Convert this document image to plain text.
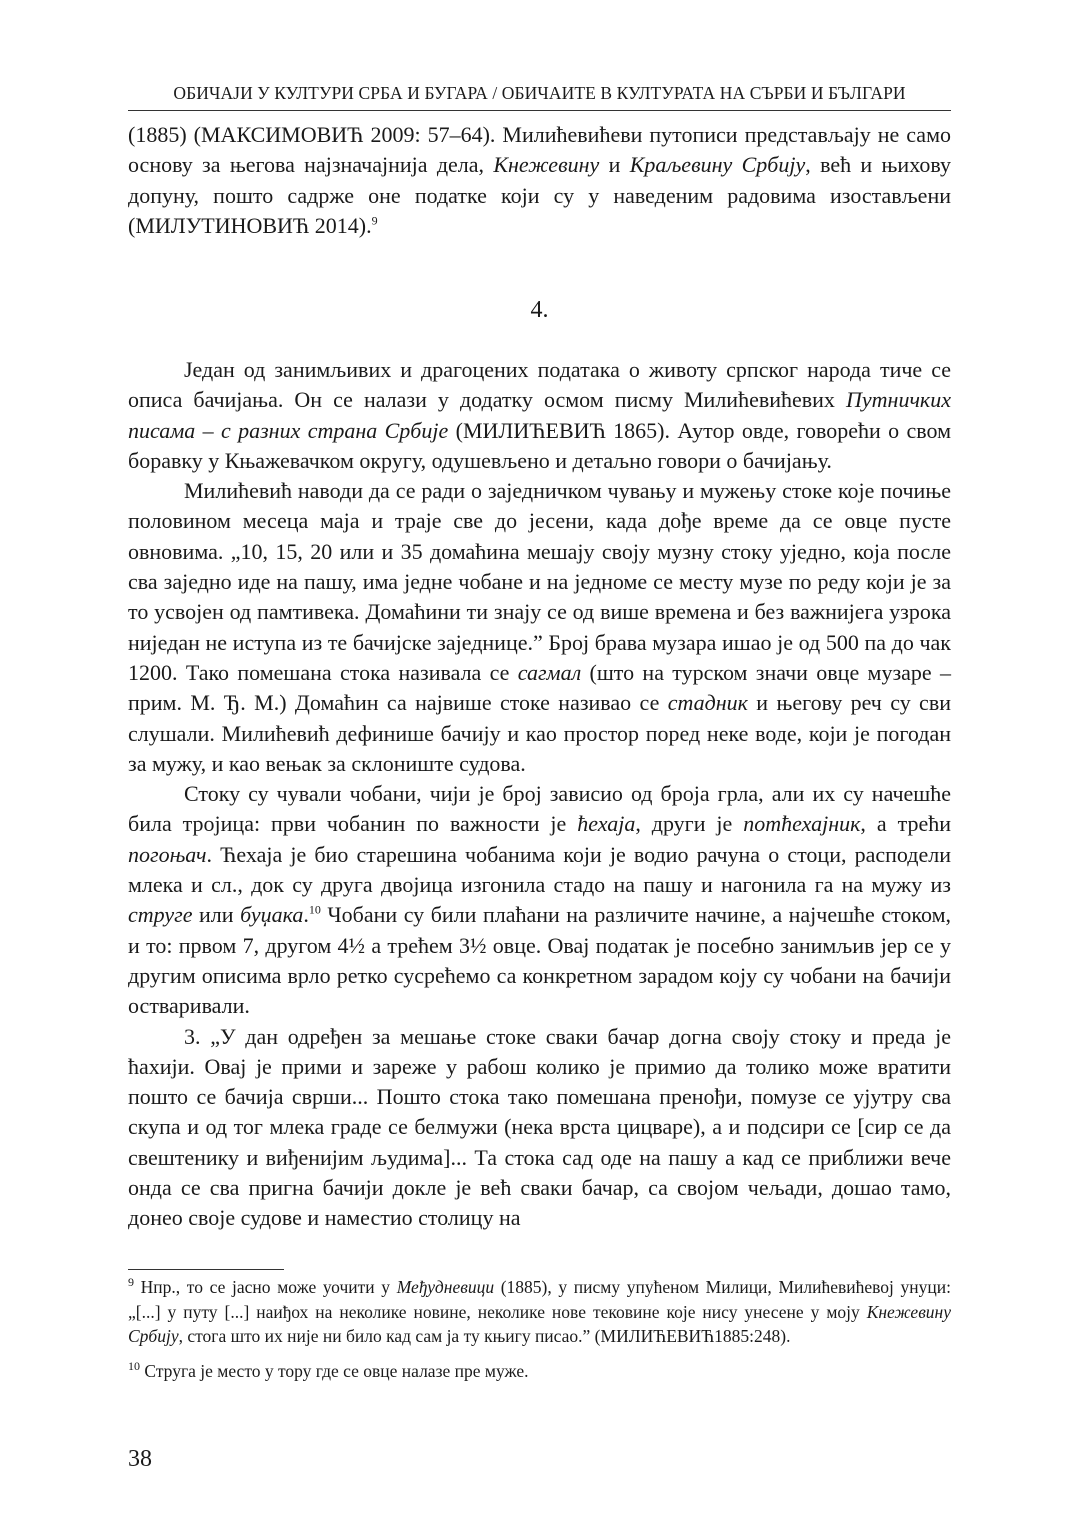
ОБИЧАЈИ У КУЛТУРИ СРБА И БУГАРА / ОБИЧАИТЕ В КУЛТУРАТА НА СЪРБИ И БЪЛГАРИ

(1885) (МАКСИМОВИЋ 2009: 57–64). Милићевићеви путописи представљају не само основу за његова најзначајнија дела, Кнежевину и Краљевину Србију, већ и њихову допуну, пошто садрже оне податке који су у наведеним радовима изостављени (МИЛУТИНОВИЋ 2014).$^9$

4.

Један од занимљивих и драгоцених података о животу српског народа тиче се описа бачијања. Он се налази у додатку осмом писму Милићевићевих Путничких писама – с разних страна Србије (МИЛИЋЕВИЋ 1865). Аутор овде, говорећи о свом боравку у Књажевачком округу, одушевљено и детаљно говори о бачијању.

Милићевић наводи да се ради о заједничком чувању и мужењу стоке које почиње половином месеца маја и траје све до јесени, када дође време да се овце пусте овновима. „10, 15, 20 или и 35 домаћина мешају своју музну стоку уједно, која после сва заједно иде на пашу, има једне чобане и на једноме се месту музе по реду који је за то усвојен од памтивека. Домаћини ти знају се од више времена и без важнијега узрока ниједан не иступа из те бачијске заједнице.” Број брава музара ишао је од 500 па до чак 1200. Тако помешана стока називала се сагмал (што на турском значи овце музаре – прим. М. Ђ. М.) Домаћин са највише стоке називао се стадник и његову реч су сви слушали. Милићевић дефинише бачију и као простор поред неке воде, који је погодан за мужу, и као вењак за склониште судова.

Стоку су чували чобани, чији је број зависио од броја грла, али их су начешће била тројица: први чобанин по важности је ћехаја, други је потћехајник, а трећи погоњач. Ћехаја је био старешина чобанима који је водио рачуна о стоци, расподели млека и сл., док су друга двојица изгонила стадо на пашу и нагонила га на мужу из струге или буџака.$^{10}$ Чобани су били плаћани на различите начине, а најчешће стоком, и то: првом 7, другом 4½ а трећем 3½ овце. Овај податак је посебно занимљив јер се у другим описима врло ретко сусрећемо са конкретном зарадом коју су чобани на бачији остваривали.

3. „У дан одређен за мешање стоке сваки бачар догна своју стоку и преда је ћахији. Овај је прими и зареже у рабош колико је примио да толико може вратити пошто се бачија сврши... Пошто стока тако помешана пренођи, помузе се ујутру сва скупа и од тог млека граде се белмужи (нека врста цицваре), а и подсири се [сир се да свештенику и виђенијим људима]... Та стока сад оде на пашу а кад се приближи вече онда се сва пригна бачији докле је већ сваки бачар, са својом чељади, дошао тамо, донео своје судове и наместио столицу на

$^9$ Нпр., то се јасно може уочити у Међудневици (1885), у писму упућеном Милици, Милићевићевој унуци: „[...] у путу [...] наиђох на неколике новине, неколике нове тековине које нису унесене у моју Кнежевину Србију, стога што их није ни било кад сам ја ту књигу писао.” (МИЛИЋЕВИЋ1885:248).

$^{10}$ Струга је место у тору где се овце налазе пре муже.

38
